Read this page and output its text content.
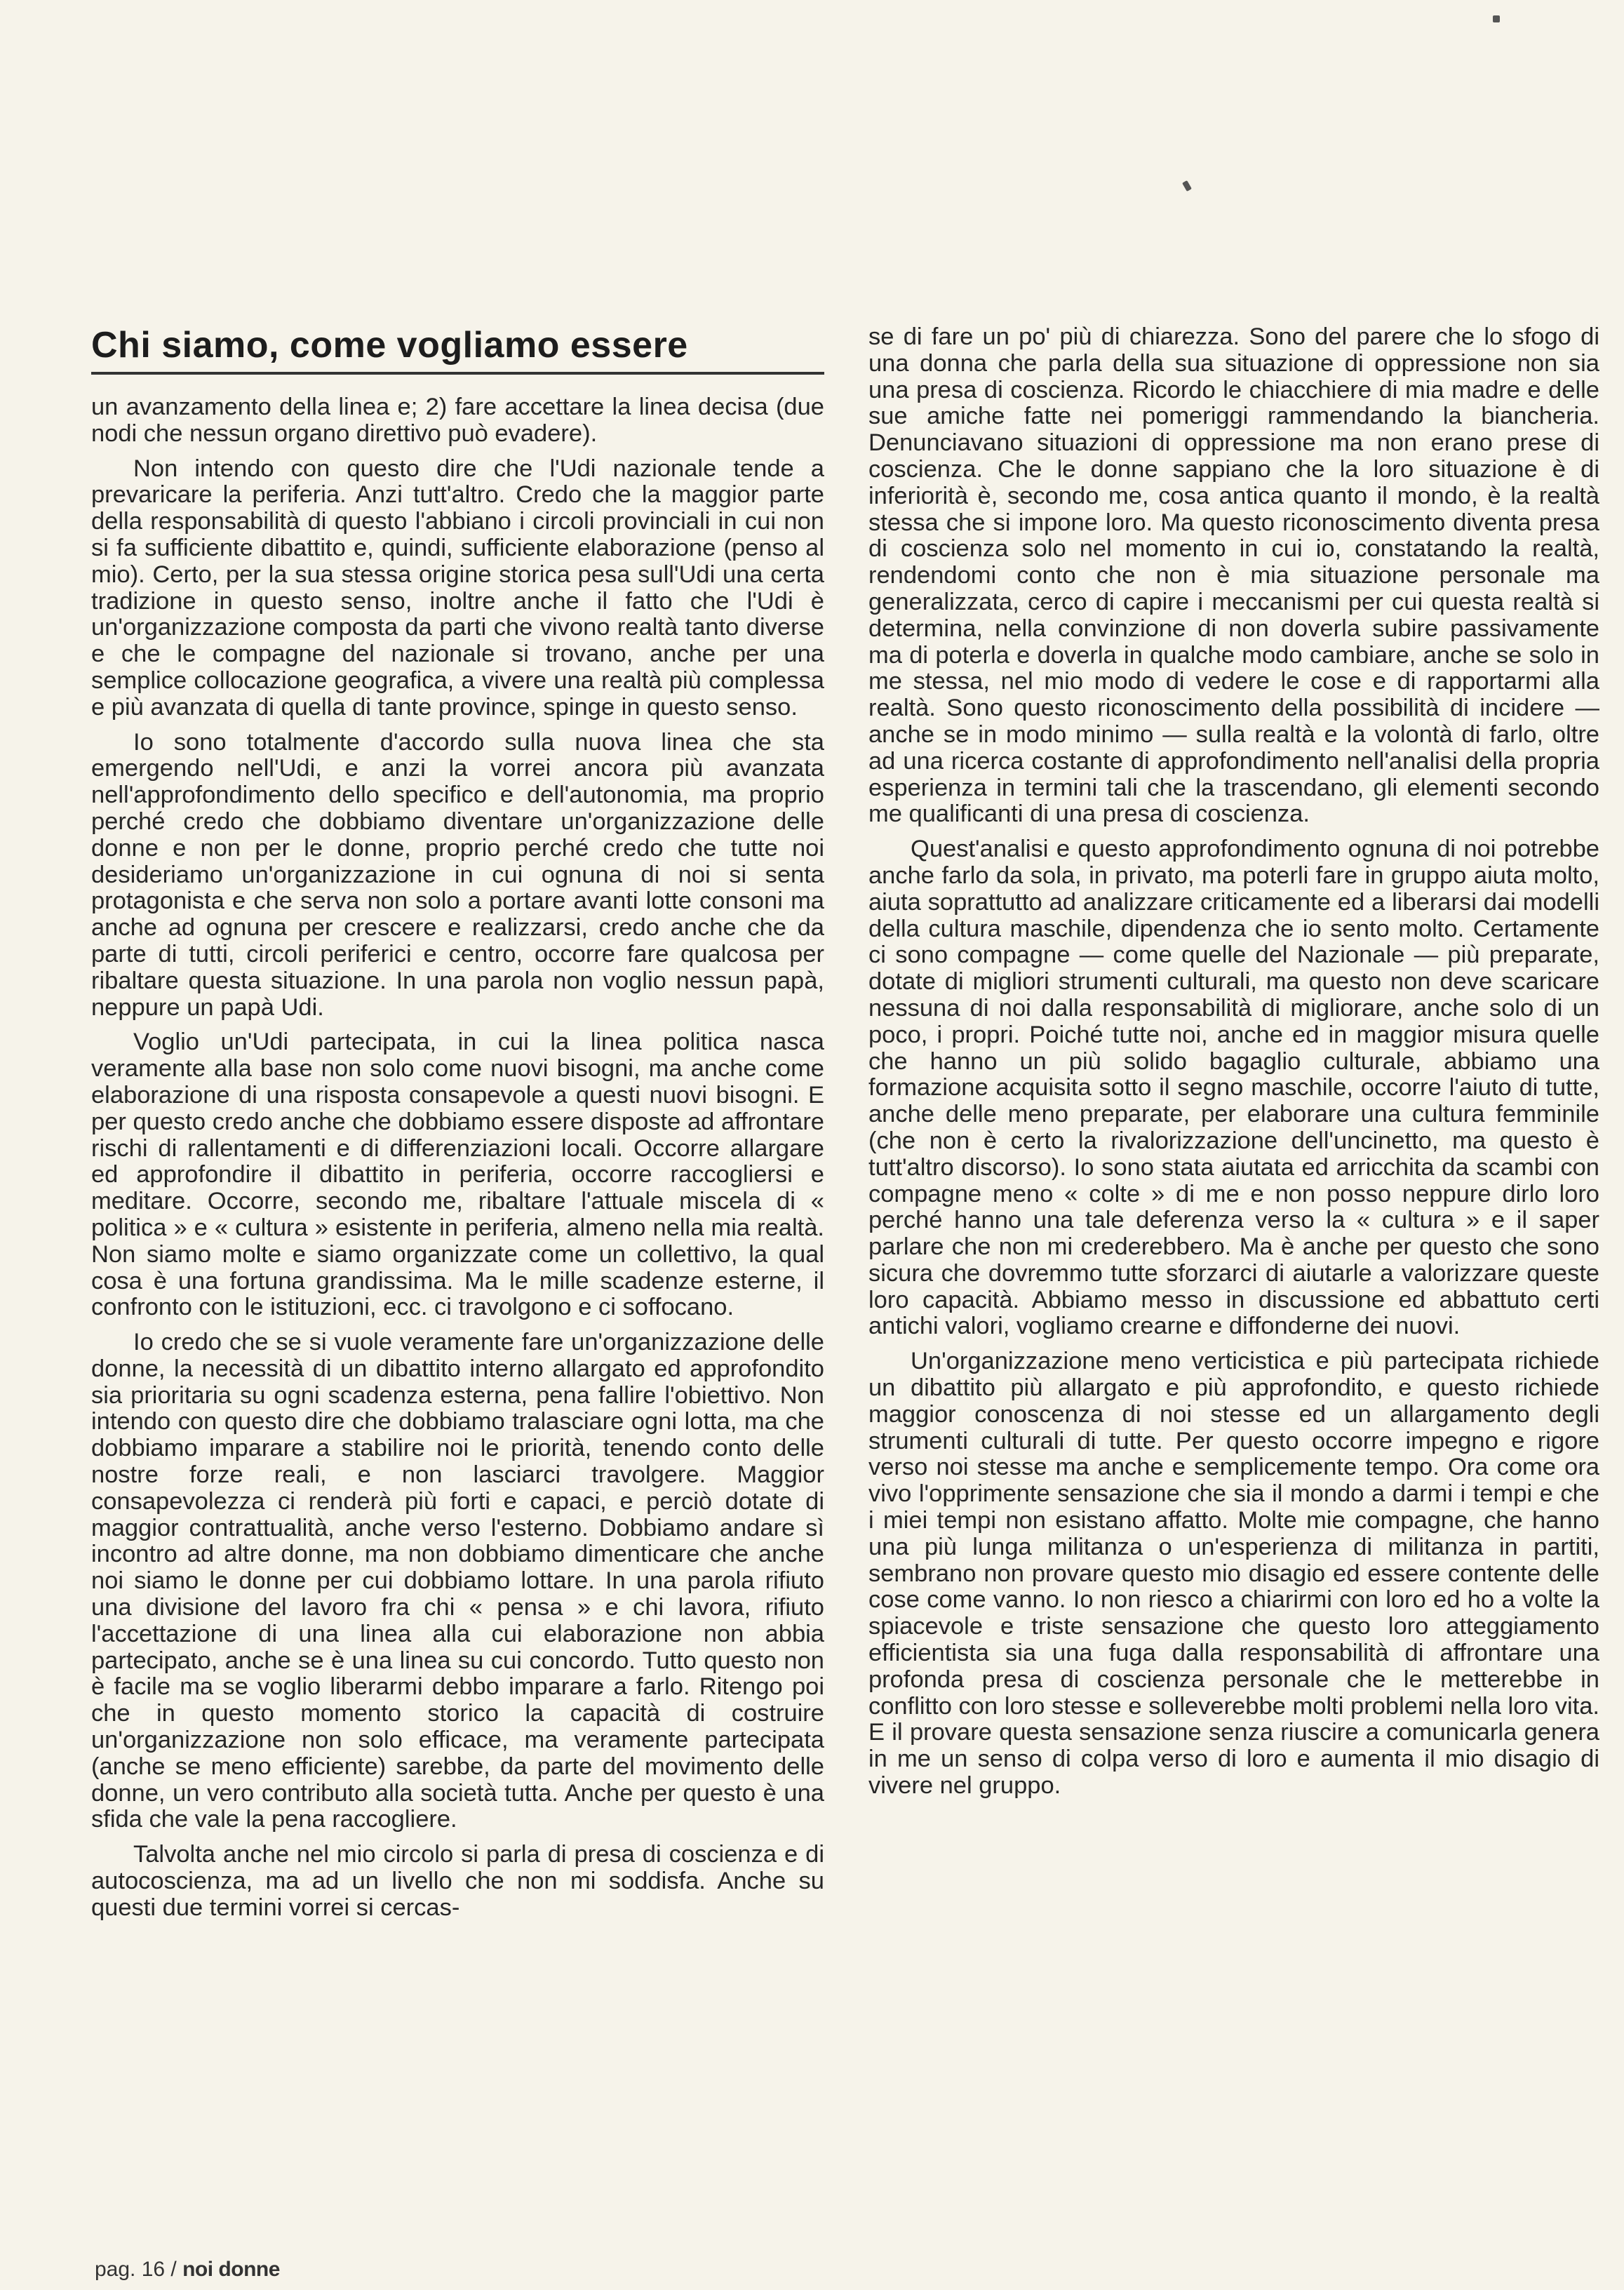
Chi siamo, come vogliamo essere

un avanzamento della linea e; 2) fare accettare la linea decisa (due nodi che nessun organo direttivo può evadere).

Non intendo con questo dire che l'Udi nazionale tende a prevaricare la periferia. Anzi tutt'altro. Credo che la maggior parte della responsabilità di questo l'abbiano i circoli provinciali in cui non si fa sufficiente dibattito e, quindi, sufficiente elaborazione (penso al mio). Certo, per la sua stessa origine storica pesa sull'Udi una certa tradizione in questo senso, inoltre anche il fatto che l'Udi è un'organizzazione composta da parti che vivono realtà tanto diverse e che le compagne del nazionale si trovano, anche per una semplice collocazione geografica, a vivere una realtà più complessa e più avanzata di quella di tante province, spinge in questo senso.

Io sono totalmente d'accordo sulla nuova linea che sta emergendo nell'Udi, e anzi la vorrei ancora più avanzata nell'approfondimento dello specifico e dell'autonomia, ma proprio perché credo che dobbiamo diventare un'organizzazione delle donne e non per le donne, proprio perché credo che tutte noi desideriamo un'organizzazione in cui ognuna di noi si senta protagonista e che serva non solo a portare avanti lotte consoni ma anche ad ognuna per crescere e realizzarsi, credo anche che da parte di tutti, circoli periferici e centro, occorre fare qualcosa per ribaltare questa situazione. In una parola non voglio nessun papà, neppure un papà Udi.

Voglio un'Udi partecipata, in cui la linea politica nasca veramente alla base non solo come nuovi bisogni, ma anche come elaborazione di una risposta consapevole a questi nuovi bisogni. E per questo credo anche che dobbiamo essere disposte ad affrontare rischi di rallentamenti e di differenziazioni locali. Occorre allargare ed approfondire il dibattito in periferia, occorre raccogliersi e meditare. Occorre, secondo me, ribaltare l'attuale miscela di « politica » e « cultura » esistente in periferia, almeno nella mia realtà. Non siamo molte e siamo organizzate come un collettivo, la qual cosa è una fortuna grandissima. Ma le mille scadenze esterne, il confronto con le istituzioni, ecc. ci travolgono e ci soffocano.

Io credo che se si vuole veramente fare un'organizzazione delle donne, la necessità di un dibattito interno allargato ed approfondito sia prioritaria su ogni scadenza esterna, pena fallire l'obiettivo. Non intendo con questo dire che dobbiamo tralasciare ogni lotta, ma che dobbiamo imparare a stabilire noi le priorità, tenendo conto delle nostre forze reali, e non lasciarci travolgere. Maggior consapevolezza ci renderà più forti e capaci, e perciò dotate di maggior contrattualità, anche verso l'esterno. Dobbiamo andare sì incontro ad altre donne, ma non dobbiamo dimenticare che anche noi siamo le donne per cui dobbiamo lottare. In una parola rifiuto una divisione del lavoro fra chi « pensa » e chi lavora, rifiuto l'accettazione di una linea alla cui elaborazione non abbia partecipato, anche se è una linea su cui concordo. Tutto questo non è facile ma se voglio liberarmi debbo imparare a farlo. Ritengo poi che in questo momento storico la capacità di costruire un'organizzazione non solo efficace, ma veramente partecipata (anche se meno efficiente) sarebbe, da parte del movimento delle donne, un vero contributo alla società tutta. Anche per questo è una sfida che vale la pena raccogliere.

Talvolta anche nel mio circolo si parla di presa di coscienza e di autocoscienza, ma ad un livello che non mi soddisfa. Anche su questi due termini vorrei si cercas-

se di fare un po' più di chiarezza. Sono del parere che lo sfogo di una donna che parla della sua situazione di oppressione non sia una presa di coscienza. Ricordo le chiacchiere di mia madre e delle sue amiche fatte nei pomeriggi rammendando la biancheria. Denunciavano situazioni di oppressione ma non erano prese di coscienza. Che le donne sappiano che la loro situazione è di inferiorità è, secondo me, cosa antica quanto il mondo, è la realtà stessa che si impone loro. Ma questo riconoscimento diventa presa di coscienza solo nel momento in cui io, constatando la realtà, rendendomi conto che non è mia situazione personale ma generalizzata, cerco di capire i meccanismi per cui questa realtà si determina, nella convinzione di non doverla subire passivamente ma di poterla e doverla in qualche modo cambiare, anche se solo in me stessa, nel mio modo di vedere le cose e di rapportarmi alla realtà. Sono questo riconoscimento della possibilità di incidere — anche se in modo minimo — sulla realtà e la volontà di farlo, oltre ad una ricerca costante di approfondimento nell'analisi della propria esperienza in termini tali che la trascendano, gli elementi secondo me qualificanti di una presa di coscienza.

Quest'analisi e questo approfondimento ognuna di noi potrebbe anche farlo da sola, in privato, ma poterli fare in gruppo aiuta molto, aiuta soprattutto ad analizzare criticamente ed a liberarsi dai modelli della cultura maschile, dipendenza che io sento molto. Certamente ci sono compagne — come quelle del Nazionale — più preparate, dotate di migliori strumenti culturali, ma questo non deve scaricare nessuna di noi dalla responsabilità di migliorare, anche solo di un poco, i propri. Poiché tutte noi, anche ed in maggior misura quelle che hanno un più solido bagaglio culturale, abbiamo una formazione acquisita sotto il segno maschile, occorre l'aiuto di tutte, anche delle meno preparate, per elaborare una cultura femminile (che non è certo la rivalorizzazione dell'uncinetto, ma questo è tutt'altro discorso). Io sono stata aiutata ed arricchita da scambi con compagne meno « colte » di me e non posso neppure dirlo loro perché hanno una tale deferenza verso la « cultura » e il saper parlare che non mi crederebbero. Ma è anche per questo che sono sicura che dovremmo tutte sforzarci di aiutarle a valorizzare queste loro capacità. Abbiamo messo in discussione ed abbattuto certi antichi valori, vogliamo crearne e diffonderne dei nuovi.

Un'organizzazione meno verticistica e più partecipata richiede un dibattito più allargato e più approfondito, e questo richiede maggior conoscenza di noi stesse ed un allargamento degli strumenti culturali di tutte. Per questo occorre impegno e rigore verso noi stesse ma anche e semplicemente tempo. Ora come ora vivo l'opprimente sensazione che sia il mondo a darmi i tempi e che i miei tempi non esistano affatto. Molte mie compagne, che hanno una più lunga militanza o un'esperienza di militanza in partiti, sembrano non provare questo mio disagio ed essere contente delle cose come vanno. Io non riesco a chiarirmi con loro ed ho a volte la spiacevole e triste sensazione che questo loro atteggiamento efficientista sia una fuga dalla responsabilità di affrontare una profonda presa di coscienza personale che le metterebbe in conflitto con loro stesse e solleverebbe molti problemi nella loro vita. E il provare questa sensazione senza riuscire a comunicarla genera in me un senso di colpa verso di loro e aumenta il mio disagio di vivere nel gruppo.

pag. 16 / noi donne
